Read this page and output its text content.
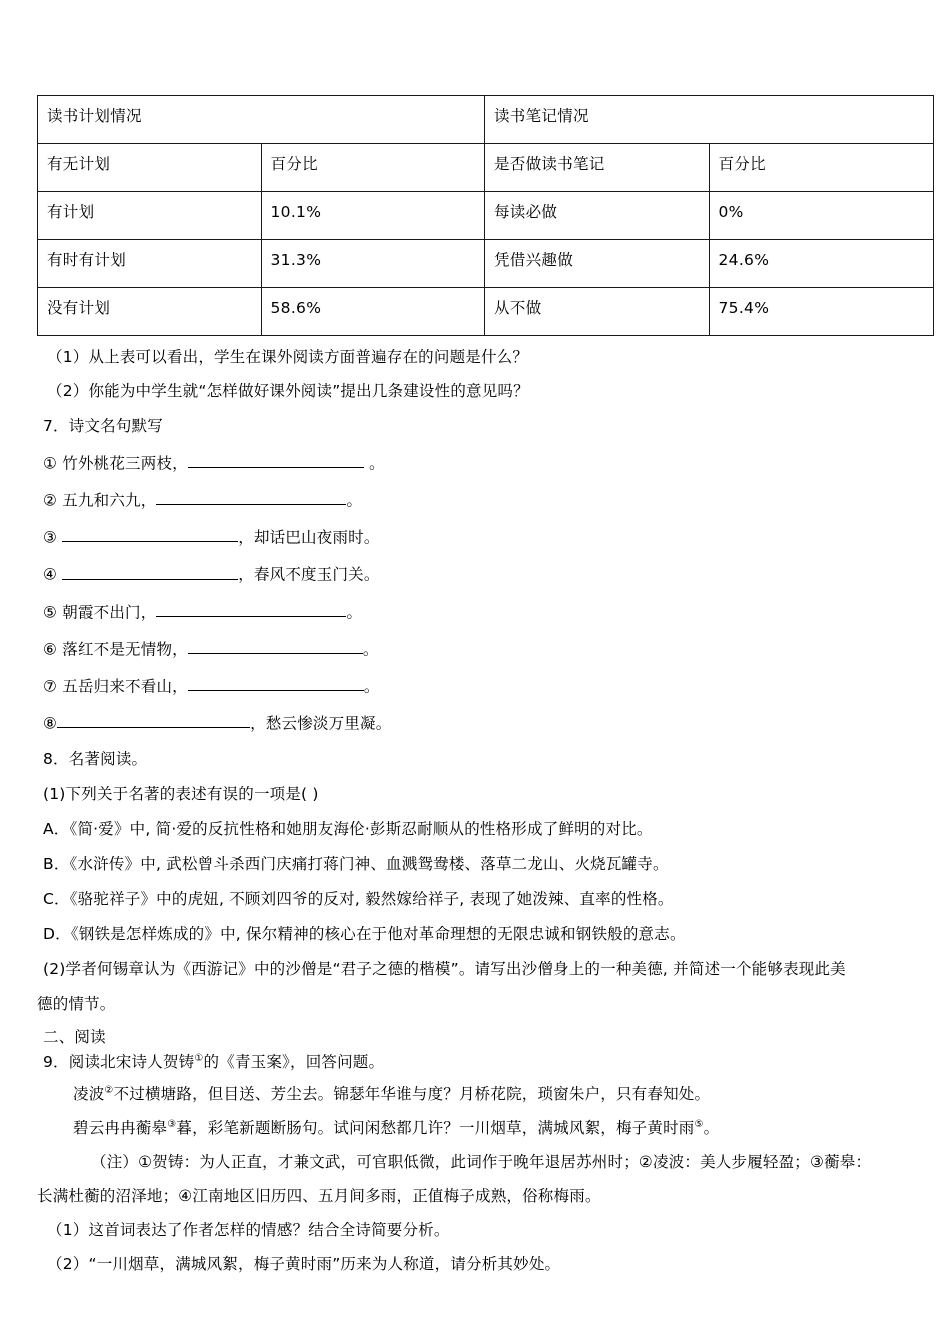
读书计划情况		读书笔记情况	
有无计划	百分比	是否做读书笔记	百分比
有计划	10.1%	每读必做	0%
有时有计划	31.3%	凭借兴趣做	24.6%
没有计划	58.6%	从不做	75.4%
（1）从上表可以看出，学生在课外阅读方面普遍存在的问题是什么？
（2）你能为中学生就“怎样做好课外阅读”提出几条建设性的意见吗？
7．诗文名句默写
① 竹外桃花三两枝，	。
② 五九和六九，	。
③	，却话巴山夜雨时。
④	，春风不度玉门关。
⑤ 朝霞不出门，	。
⑥ 落红不是无情物，	。
⑦ 五岳归来不看山，	。
⑧	，愁云惨淡万里凝。
8．名著阅读。
(1)下列关于名著的表述有误的一项是( )
A．《简·爱》中, 简·爱的反抗性格和她朋友海伦·彭斯忍耐顺从的性格形成了鲜明的对比。
B．《水浒传》中, 武松曾斗杀西门庆痛打蒋门神、血溅鸳鸯楼、落草二龙山、火烧瓦罐寺。
C．《骆驼祥子》中的虎妞, 不顾刘四爷的反对, 毅然嫁给祥子, 表现了她泼辣、直率的性格。
D．《钢铁是怎样炼成的》中, 保尔精神的核心在于他对革命理想的无限忠诚和钢铁般的意志。
(2)学者何锡章认为《西游记》中的沙僧是“君子之德的楷模”。请写出沙僧身上的一种美德, 并简述一个能够表现此美
德的情节。
二、阅读
9．阅读北宋诗人贺铸①的《青玉案》，回答问题。
凌波②不过横塘路，但目送、芳尘去。锦瑟年华谁与度？月桥花院，琐窗朱户，只有春知处。
碧云冉冉蘅皋③暮，彩笔新题断肠句。试问闲愁都几许？一川烟草，满城风絮，梅子黄时雨⑤。
（注）①贺铸：为人正直，才兼文武，可官职低微，此词作于晚年退居苏州时；②凌波：美人步履轻盈；③蘅皋：
长满杜蘅的沼泽地；④江南地区旧历四、五月间多雨，正值梅子成熟，俗称梅雨。
（1）这首词表达了作者怎样的情感？结合全诗简要分析。
（2）“一川烟草，满城风絮，梅子黄时雨”历来为人称道，请分析其妙处。
